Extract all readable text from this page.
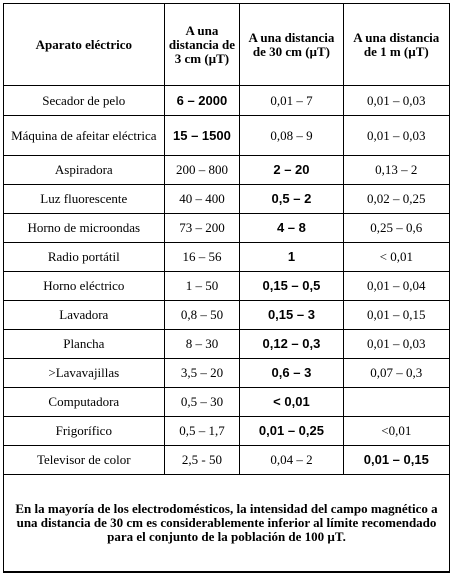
Aparato eléctrico	A una distancia de 3 cm (µT)	A una distancia de 30 cm (µT)	A una distancia de 1 m (µT)
Secador de pelo	6 – 2000	0,01 – 7	0,01 – 0,03
Máquina de afeitar eléctrica	15 – 1500	0,08 – 9	0,01 – 0,03
Aspiradora	200 – 800	2 – 20	0,13 – 2
Luz fluorescente	40 – 400	0,5 – 2	0,02 – 0,25
Horno de microondas	73 – 200	4 – 8	0,25 – 0,6
Radio portátil	16 – 56	1	< 0,01
Horno eléctrico	1 – 50	0,15 – 0,5	0,01 – 0,04
Lavadora	0,8 – 50	0,15 – 3	0,01 – 0,15
Plancha	8 – 30	0,12 – 0,3	0,01 – 0,03
>Lavavajillas	3,5 – 20	0,6 – 3	0,07 – 0,3
Computadora	0,5 – 30	< 0,01	
Frigorífico	0,5 – 1,7	0,01 – 0,25	<0,01
Televisor de color	2,5 - 50	0,04 – 2	0,01 – 0,15
En la mayoría de los electrodomésticos, la intensidad del campo magnético a una distancia de 30 cm es considerablemente inferior al límite recomendado para el conjunto de la población de 100 µT.			
